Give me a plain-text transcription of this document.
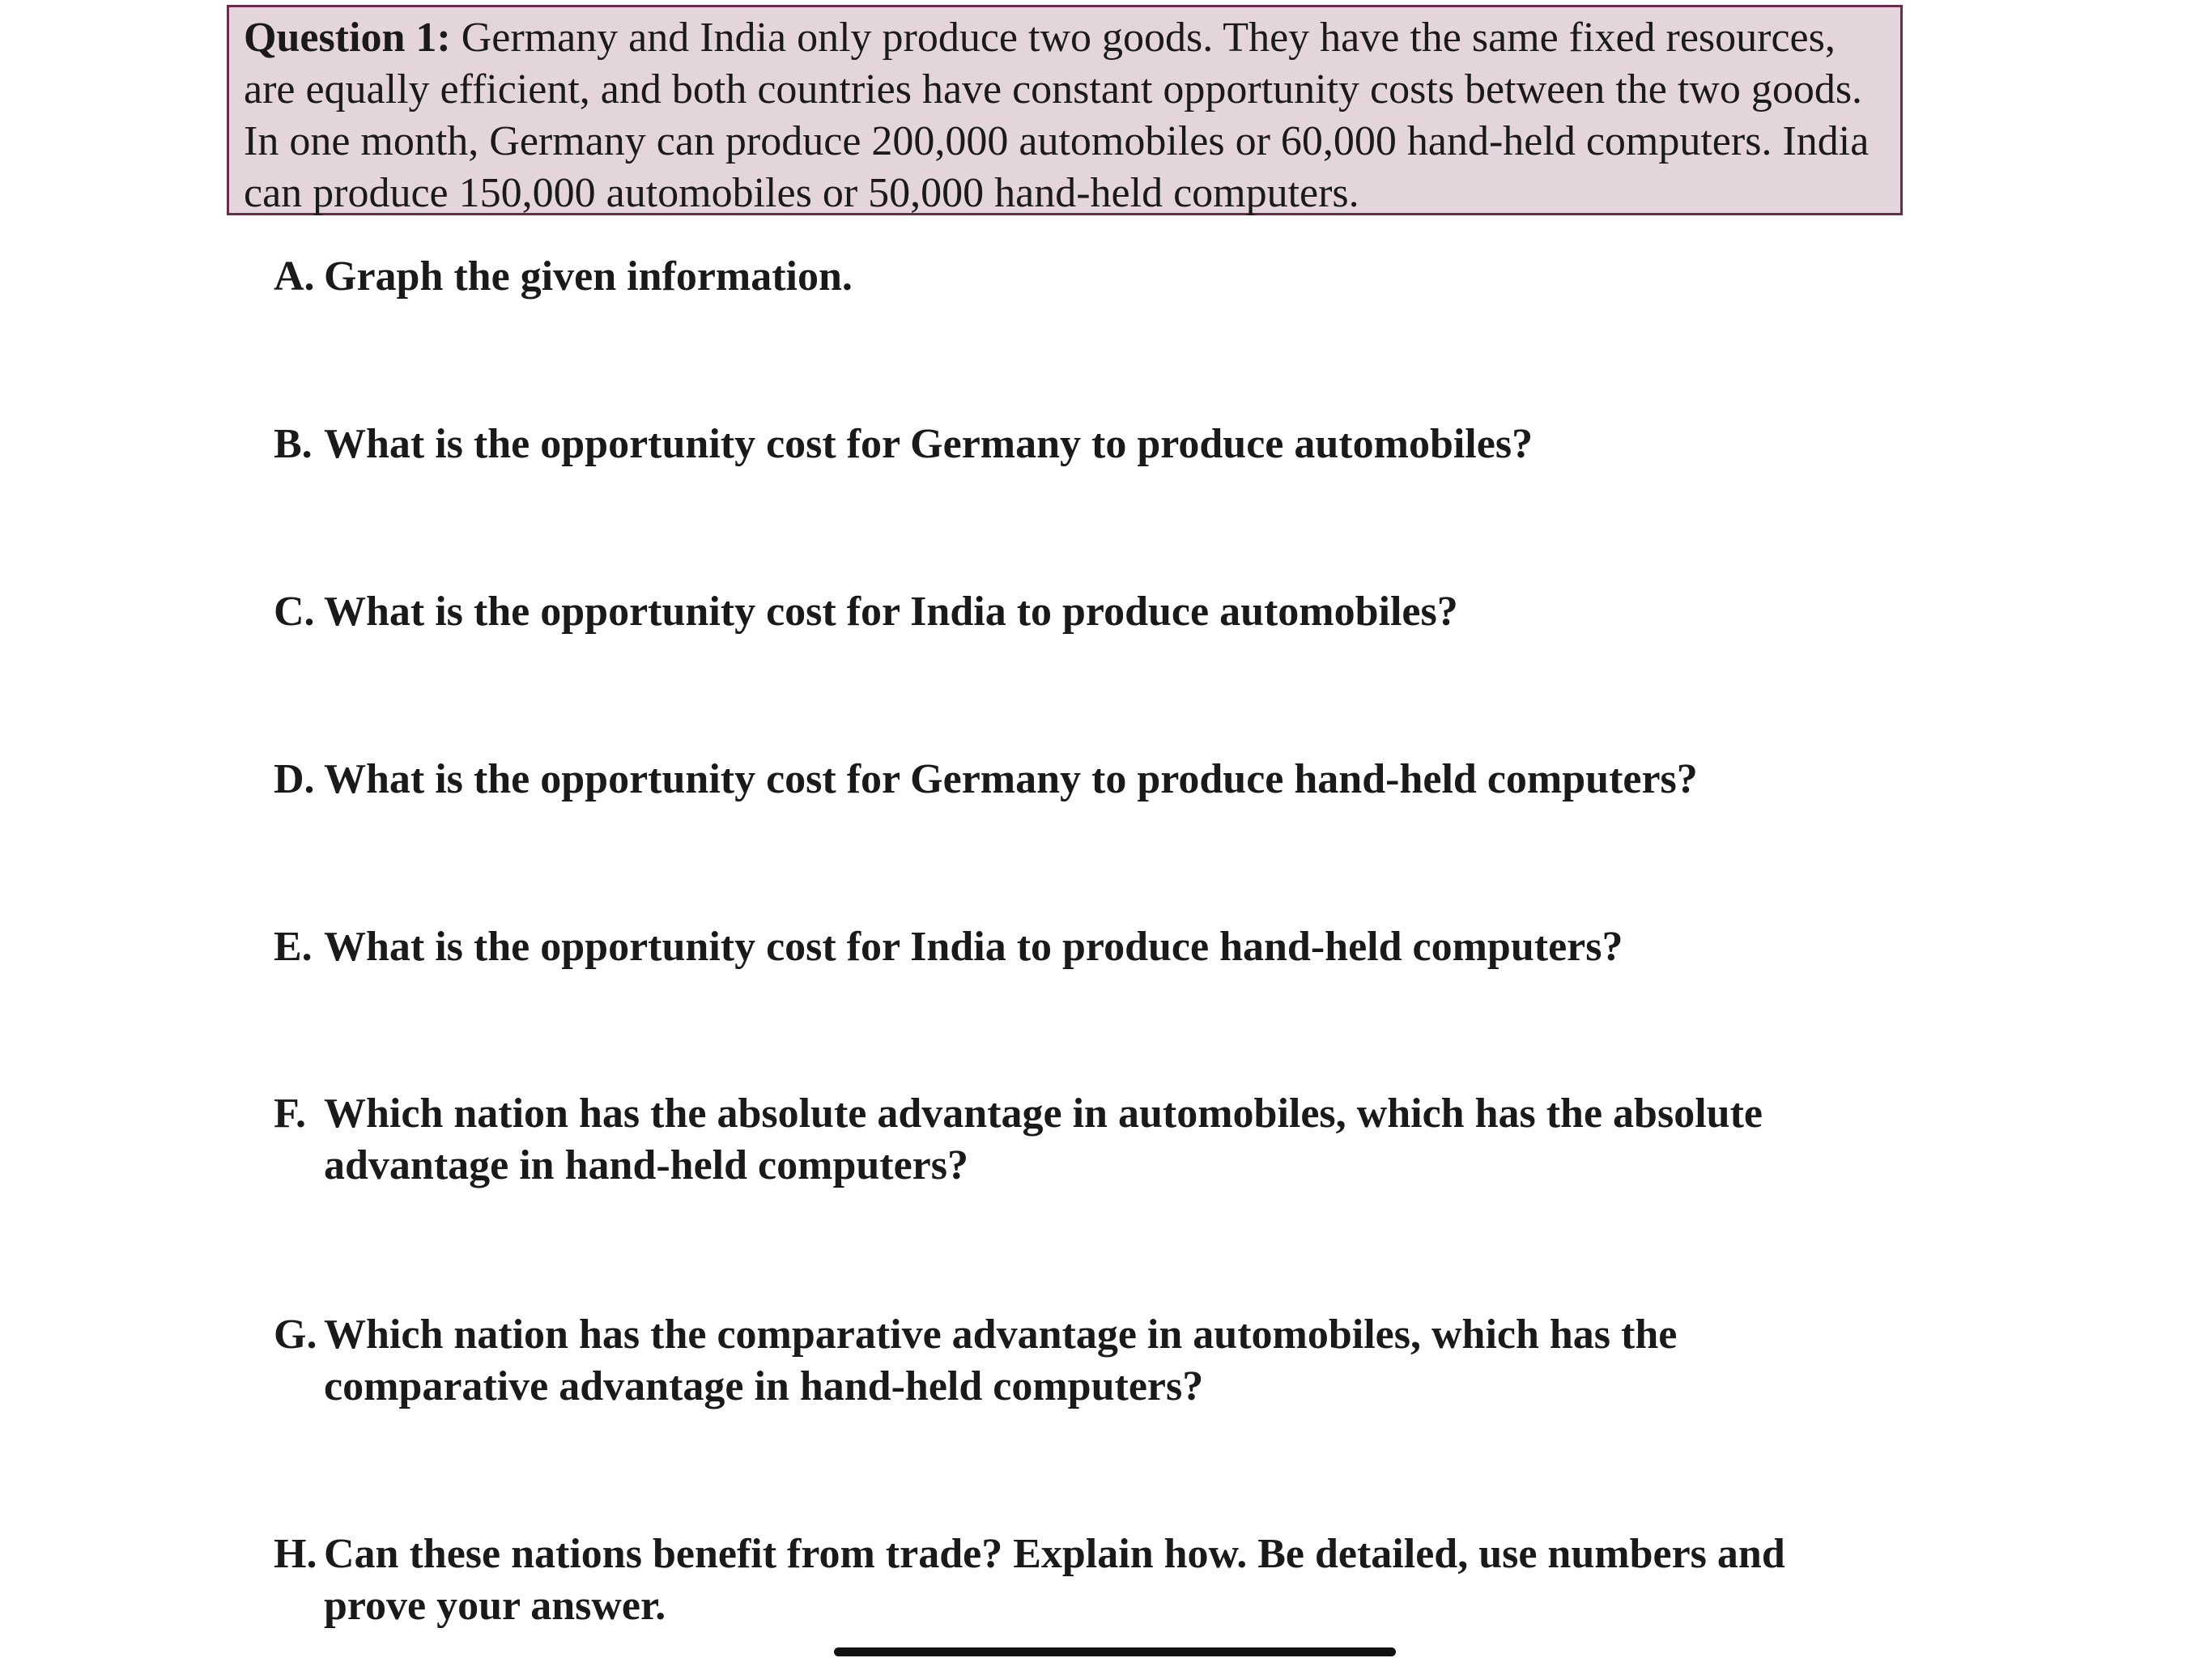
Question 1: Germany and India only produce two goods. They have the same fixed resources, are equally efficient, and both countries have constant opportunity costs between the two goods. In one month, Germany can produce 200,000 automobiles or 60,000 hand-held computers. India can produce 150,000 automobiles or 50,000 hand-held computers.
A. Graph the given information.
B. What is the opportunity cost for Germany to produce automobiles?
C. What is the opportunity cost for India to produce automobiles?
D. What is the opportunity cost for Germany to produce hand-held computers?
E. What is the opportunity cost for India to produce hand-held computers?
F. Which nation has the absolute advantage in automobiles, which has the absolute advantage in hand-held computers?
G. Which nation has the comparative advantage in automobiles, which has the comparative advantage in hand-held computers?
H. Can these nations benefit from trade? Explain how. Be detailed, use numbers and prove your answer.
